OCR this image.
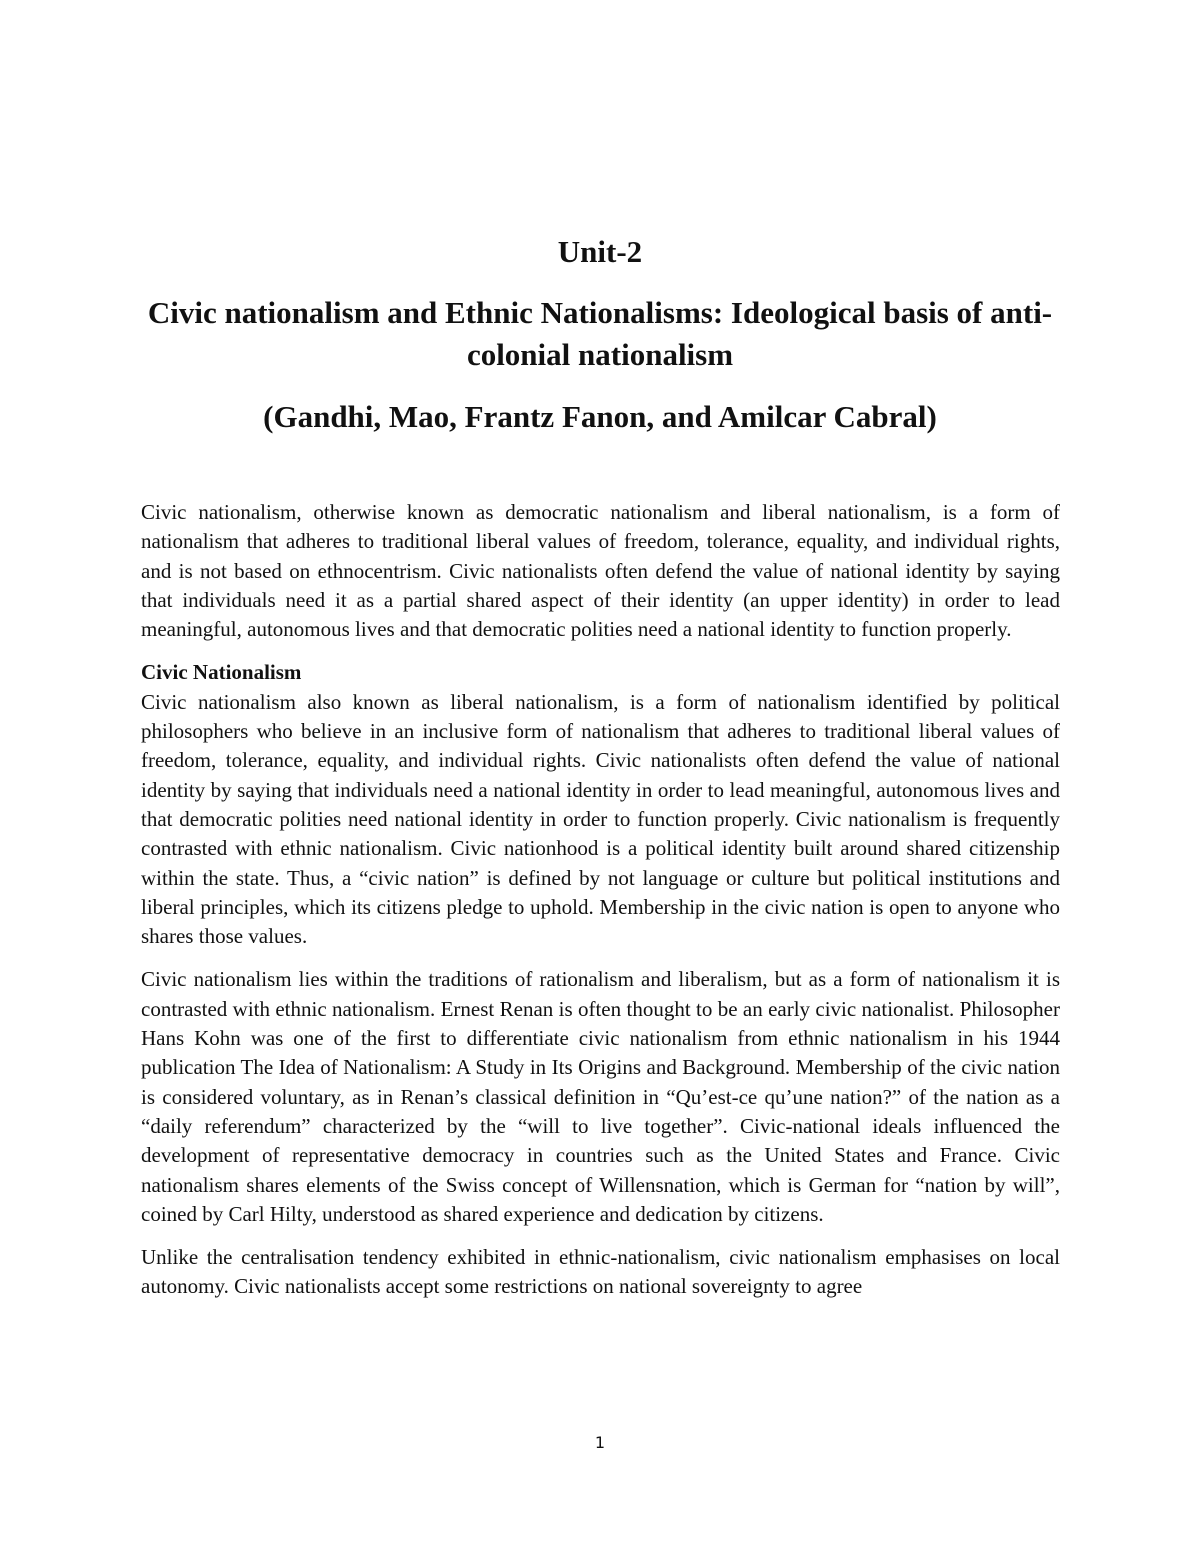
Unit-2
Civic nationalism and Ethnic Nationalisms: Ideological basis of anti-colonial nationalism
(Gandhi, Mao, Frantz Fanon, and Amilcar Cabral)

Civic nationalism, otherwise known as democratic nationalism and liberal nationalism, is a form of nationalism that adheres to traditional liberal values of freedom, tolerance, equality, and individual rights, and is not based on ethnocentrism. Civic nationalists often defend the value of national identity by saying that individuals need it as a partial shared aspect of their identity (an upper identity) in order to lead meaningful, autonomous lives and that democratic polities need a national identity to function properly.

Civic Nationalism

Civic nationalism also known as liberal nationalism, is a form of nationalism identified by political philosophers who believe in an inclusive form of nationalism that adheres to traditional liberal values of freedom, tolerance, equality, and individual rights. Civic nationalists often defend the value of national identity by saying that individuals need a national identity in order to lead meaningful, autonomous lives and that democratic polities need national identity in order to function properly. Civic nationalism is frequently contrasted with ethnic nationalism. Civic nationhood is a political identity built around shared citizenship within the state. Thus, a “civic nation” is defined by not language or culture but political institutions and liberal principles, which its citizens pledge to uphold. Membership in the civic nation is open to anyone who shares those values.

Civic nationalism lies within the traditions of rationalism and liberalism, but as a form of nationalism it is contrasted with ethnic nationalism. Ernest Renan is often thought to be an early civic nationalist. Philosopher Hans Kohn was one of the first to differentiate civic nationalism from ethnic nationalism in his 1944 publication The Idea of Nationalism: A Study in Its Origins and Background. Membership of the civic nation is considered voluntary, as in Renan’s classical definition in “Qu’est-ce qu’une nation?” of the nation as a “daily referendum” characterized by the “will to live together”. Civic-national ideals influenced the development of representative democracy in countries such as the United States and France. Civic nationalism shares elements of the Swiss concept of Willensnation, which is German for “nation by will”, coined by Carl Hilty, understood as shared experience and dedication by citizens.

Unlike the centralisation tendency exhibited in ethnic-nationalism, civic nationalism emphasises on local autonomy. Civic nationalists accept some restrictions on national sovereignty to agree

1
